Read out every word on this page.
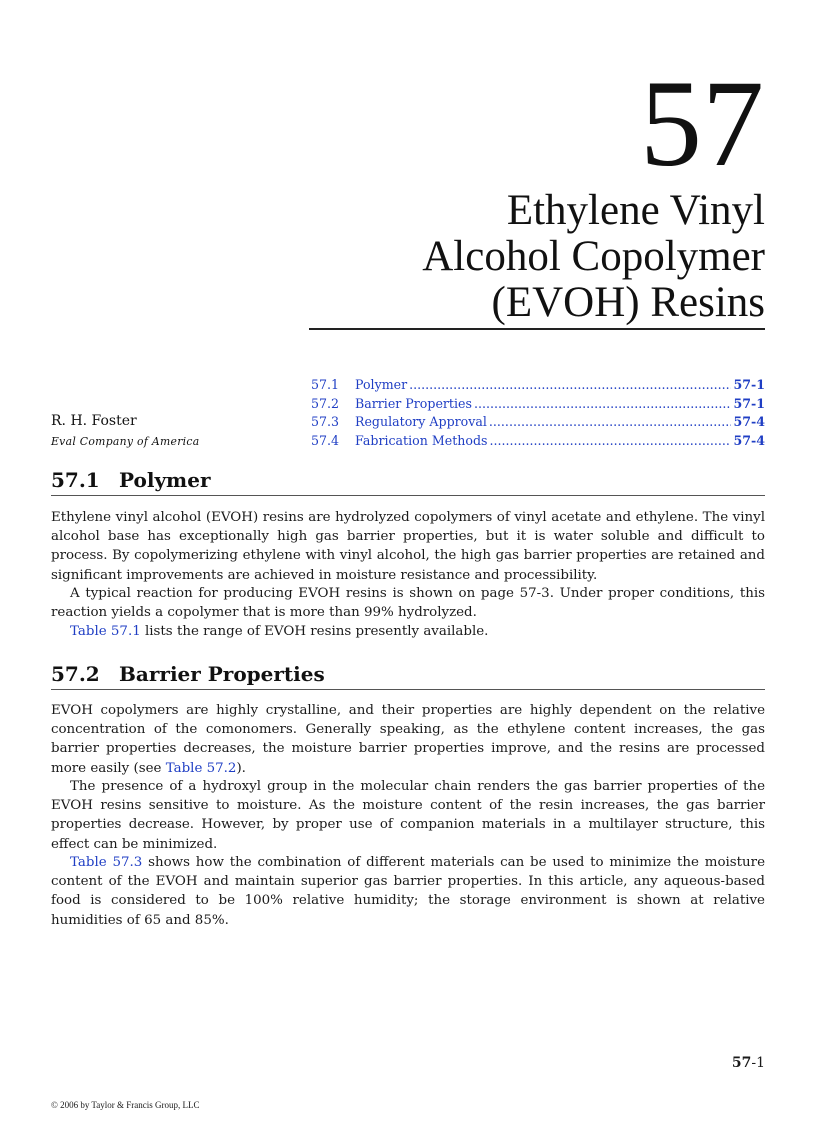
57
Ethylene Vinyl
Alcohol Copolymer
(EVOH) Resins
57.1	Polymer . . .	57-1
57.2	Barrier Properties . . .	57-1
57.3	Regulatory Approval . . .	57-4
57.4	Fabrication Methods . . .	57-4

R. H. Foster

Eval Company of America

57.1 Polymer

Ethylene vinyl alcohol (EVOH) resins are hydrolyzed copolymers of vinyl acetate and ethylene. The vinyl alcohol base has exceptionally high gas barrier properties, but it is water soluble and difficult to process. By copolymerizing ethylene with vinyl alcohol, the high gas barrier properties are retained and significant improvements are achieved in moisture resistance and processibility.

A typical reaction for producing EVOH resins is shown on page 57-3. Under proper conditions, this reaction yields a copolymer that is more than 99% hydrolyzed.

Table 57.1 lists the range of EVOH resins presently available.

57.2 Barrier Properties

EVOH copolymers are highly crystalline, and their properties are highly dependent on the relative concentration of the comonomers. Generally speaking, as the ethylene content increases, the gas barrier properties decreases, the moisture barrier properties improve, and the resins are processed more easily (see Table 57.2).

The presence of a hydroxyl group in the molecular chain renders the gas barrier properties of the EVOH resins sensitive to moisture. As the moisture content of the resin increases, the gas barrier properties decrease. However, by proper use of companion materials in a multilayer structure, this effect can be minimized.

Table 57.3 shows how the combination of different materials can be used to minimize the moisture content of the EVOH and maintain superior gas barrier properties. In this article, any aqueous-based food is considered to be 100% relative humidity; the storage environment is shown at relative humidities of 65 and 85%.

57-1

© 2006 by Taylor & Francis Group, LLC
